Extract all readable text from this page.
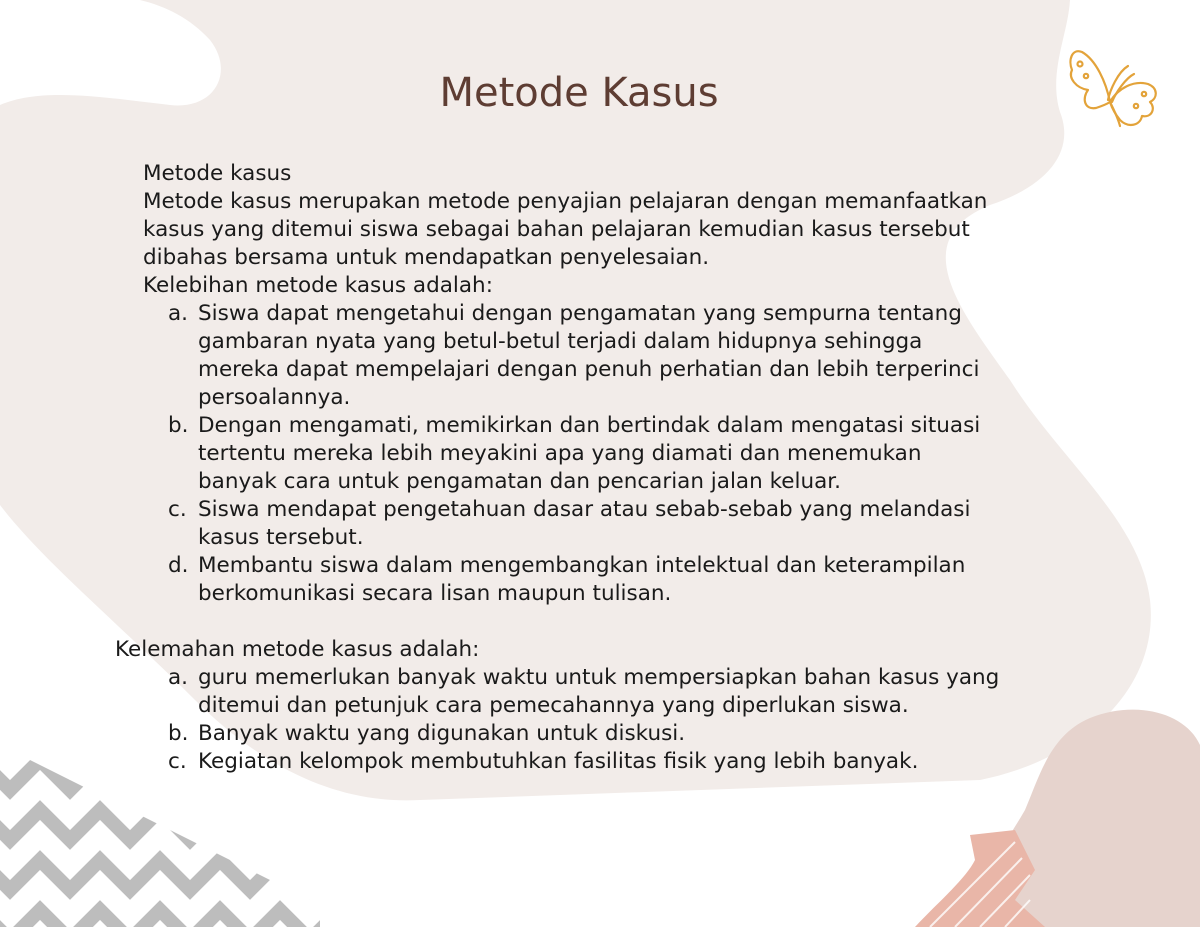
Metode Kasus
Metode kasus
Metode kasus merupakan metode penyajian pelajaran dengan memanfaatkan
kasus yang ditemui siswa sebagai bahan pelajaran kemudian kasus tersebut
dibahas bersama untuk mendapatkan penyelesaian.
Kelebihan metode kasus adalah:
a. Siswa dapat mengetahui dengan pengamatan yang sempurna tentang
gambaran nyata yang betul-betul terjadi dalam hidupnya sehingga
mereka dapat mempelajari dengan penuh perhatian dan lebih terperinci
persoalannya.
b. Dengan mengamati, memikirkan dan bertindak dalam mengatasi situasi
tertentu mereka lebih meyakini apa yang diamati dan menemukan
banyak cara untuk pengamatan dan pencarian jalan keluar.
c. Siswa mendapat pengetahuan dasar atau sebab-sebab yang melandasi
kasus tersebut.
d. Membantu siswa dalam mengembangkan intelektual dan keterampilan
berkomunikasi secara lisan maupun tulisan.
Kelemahan metode kasus adalah:
a. guru memerlukan banyak waktu untuk mempersiapkan bahan kasus yang
ditemui dan petunjuk cara pemecahannya yang diperlukan siswa.
b. Banyak waktu yang digunakan untuk diskusi.
c. Kegiatan kelompok membutuhkan fasilitas fisik yang lebih banyak.
